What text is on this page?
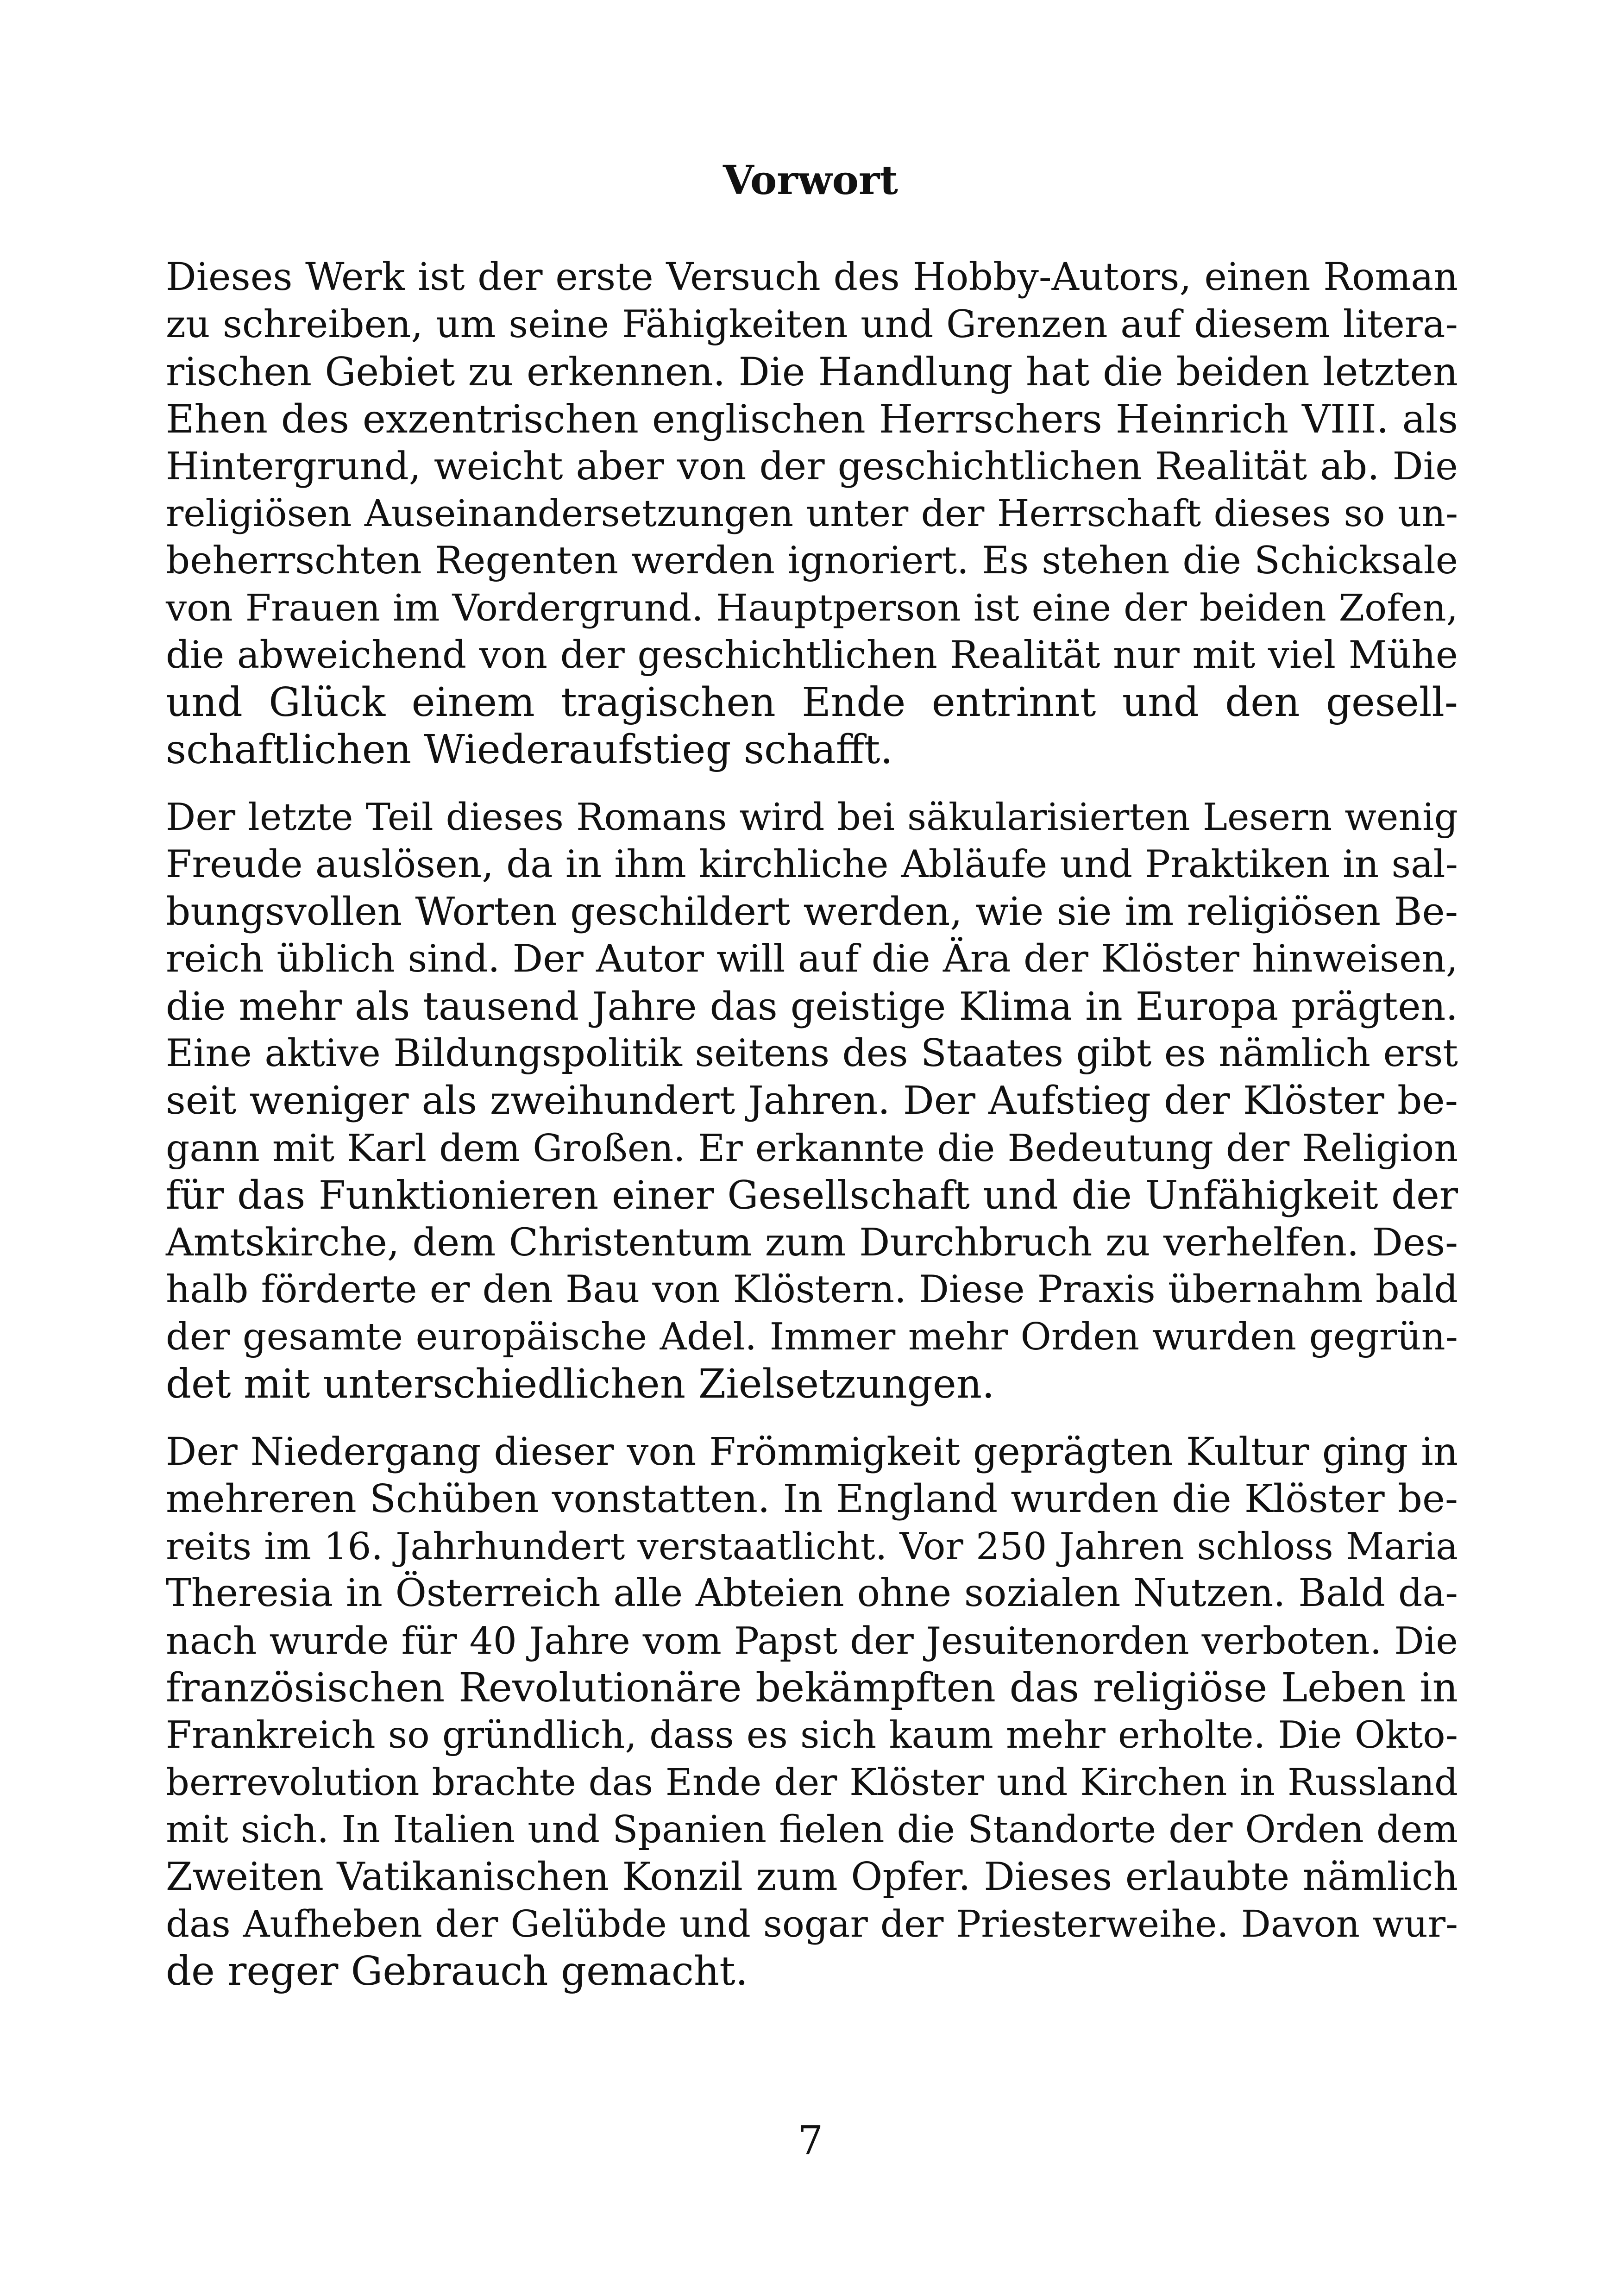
Vorwort
Dieses Werk ist der erste Versuch des Hobby-Autors, einen Roman
zu schreiben, um seine Fähigkeiten und Grenzen auf diesem litera-
rischen Gebiet zu erkennen. Die Handlung hat die beiden letzten
Ehen des exzentrischen englischen Herrschers Heinrich VIII. als
Hintergrund, weicht aber von der geschichtlichen Realität ab. Die
religiösen Auseinandersetzungen unter der Herrschaft dieses so un-
beherrschten Regenten werden ignoriert. Es stehen die Schicksale
von Frauen im Vordergrund. Hauptperson ist eine der beiden Zofen,
die abweichend von der geschichtlichen Realität nur mit viel Mühe
und Glück einem tragischen Ende entrinnt und den gesell-
schaftlichen Wiederaufstieg schafft.
Der letzte Teil dieses Romans wird bei säkularisierten Lesern wenig
Freude auslösen, da in ihm kirchliche Abläufe und Praktiken in sal-
bungsvollen Worten geschildert werden, wie sie im religiösen Be-
reich üblich sind. Der Autor will auf die Ära der Klöster hinweisen,
die mehr als tausend Jahre das geistige Klima in Europa prägten.
Eine aktive Bildungspolitik seitens des Staates gibt es nämlich erst
seit weniger als zweihundert Jahren. Der Aufstieg der Klöster be-
gann mit Karl dem Großen. Er erkannte die Bedeutung der Religion
für das Funktionieren einer Gesellschaft und die Unfähigkeit der
Amtskirche, dem Christentum zum Durchbruch zu verhelfen. Des-
halb förderte er den Bau von Klöstern. Diese Praxis übernahm bald
der gesamte europäische Adel. Immer mehr Orden wurden gegrün-
det mit unterschiedlichen Zielsetzungen.
Der Niedergang dieser von Frömmigkeit geprägten Kultur ging in
mehreren Schüben vonstatten. In England wurden die Klöster be-
reits im 16. Jahrhundert verstaatlicht. Vor 250 Jahren schloss Maria
Theresia in Österreich alle Abteien ohne sozialen Nutzen. Bald da-
nach wurde für 40 Jahre vom Papst der Jesuitenorden verboten. Die
französischen Revolutionäre bekämpften das religiöse Leben in
Frankreich so gründlich, dass es sich kaum mehr erholte. Die Okto-
berrevolution brachte das Ende der Klöster und Kirchen in Russland
mit sich. In Italien und Spanien fielen die Standorte der Orden dem
Zweiten Vatikanischen Konzil zum Opfer. Dieses erlaubte nämlich
das Aufheben der Gelübde und sogar der Priesterweihe. Davon wur-
de reger Gebrauch gemacht.

7
